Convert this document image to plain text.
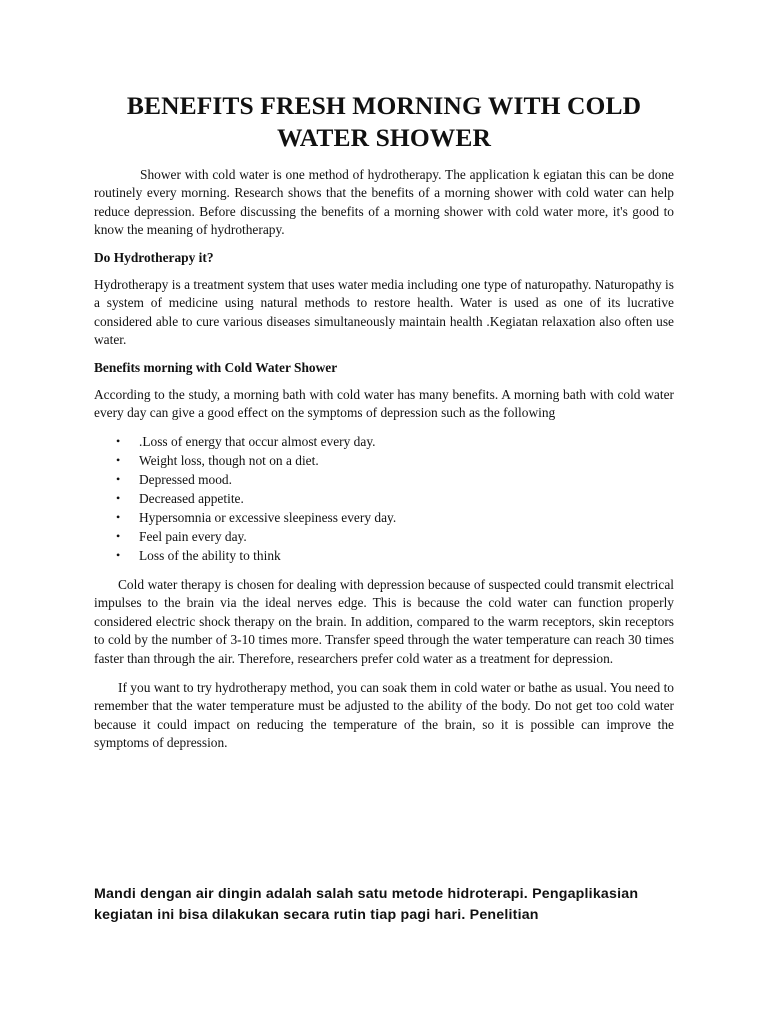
BENEFITS FRESH MORNING WITH COLD WATER SHOWER

Shower with cold water is one method of hydrotherapy. The application k egiatan this can be done routinely every morning. Research shows that the benefits of a morning shower with cold water can help reduce depression. Before discussing the benefits of a morning shower with cold water more, it's good to know the meaning of hydrotherapy.

Do Hydrotherapy it?

Hydrotherapy is a treatment system that uses water media including one type of naturopathy. Naturopathy is a system of medicine using natural methods to restore health. Water is used as one of its lucrative considered able to cure various diseases simultaneously maintain health .Kegiatan relaxation also often use water.

Benefits morning with Cold Water Shower

According to the study, a morning bath with cold water has many benefits. A morning bath with cold water every day can give a good effect on the symptoms of depression such as the following

• .Loss of energy that occur almost every day.
• Weight loss, though not on a diet.
• Depressed mood.
• Decreased appetite.
• Hypersomnia or excessive sleepiness every day.
• Feel pain every day.
• Loss of the ability to think

Cold water therapy is chosen for dealing with depression because of suspected could transmit electrical impulses to the brain via the ideal nerves edge. This is because the cold water can function properly considered electric shock therapy on the brain. In addition, compared to the warm receptors, skin receptors to cold by the number of 3-10 times more. Transfer speed through the water temperature can reach 30 times faster than through the air. Therefore, researchers prefer cold water as a treatment for depression.

If you want to try hydrotherapy method, you can soak them in cold water or bathe as usual. You need to remember that the water temperature must be adjusted to the ability of the body. Do not get too cold water because it could impact on reducing the temperature of the brain, so it is possible can improve the symptoms of depression.

Mandi dengan air dingin adalah salah satu metode hidroterapi. Pengaplikasian kegiatan ini bisa dilakukan secara rutin tiap pagi hari. Penelitian
